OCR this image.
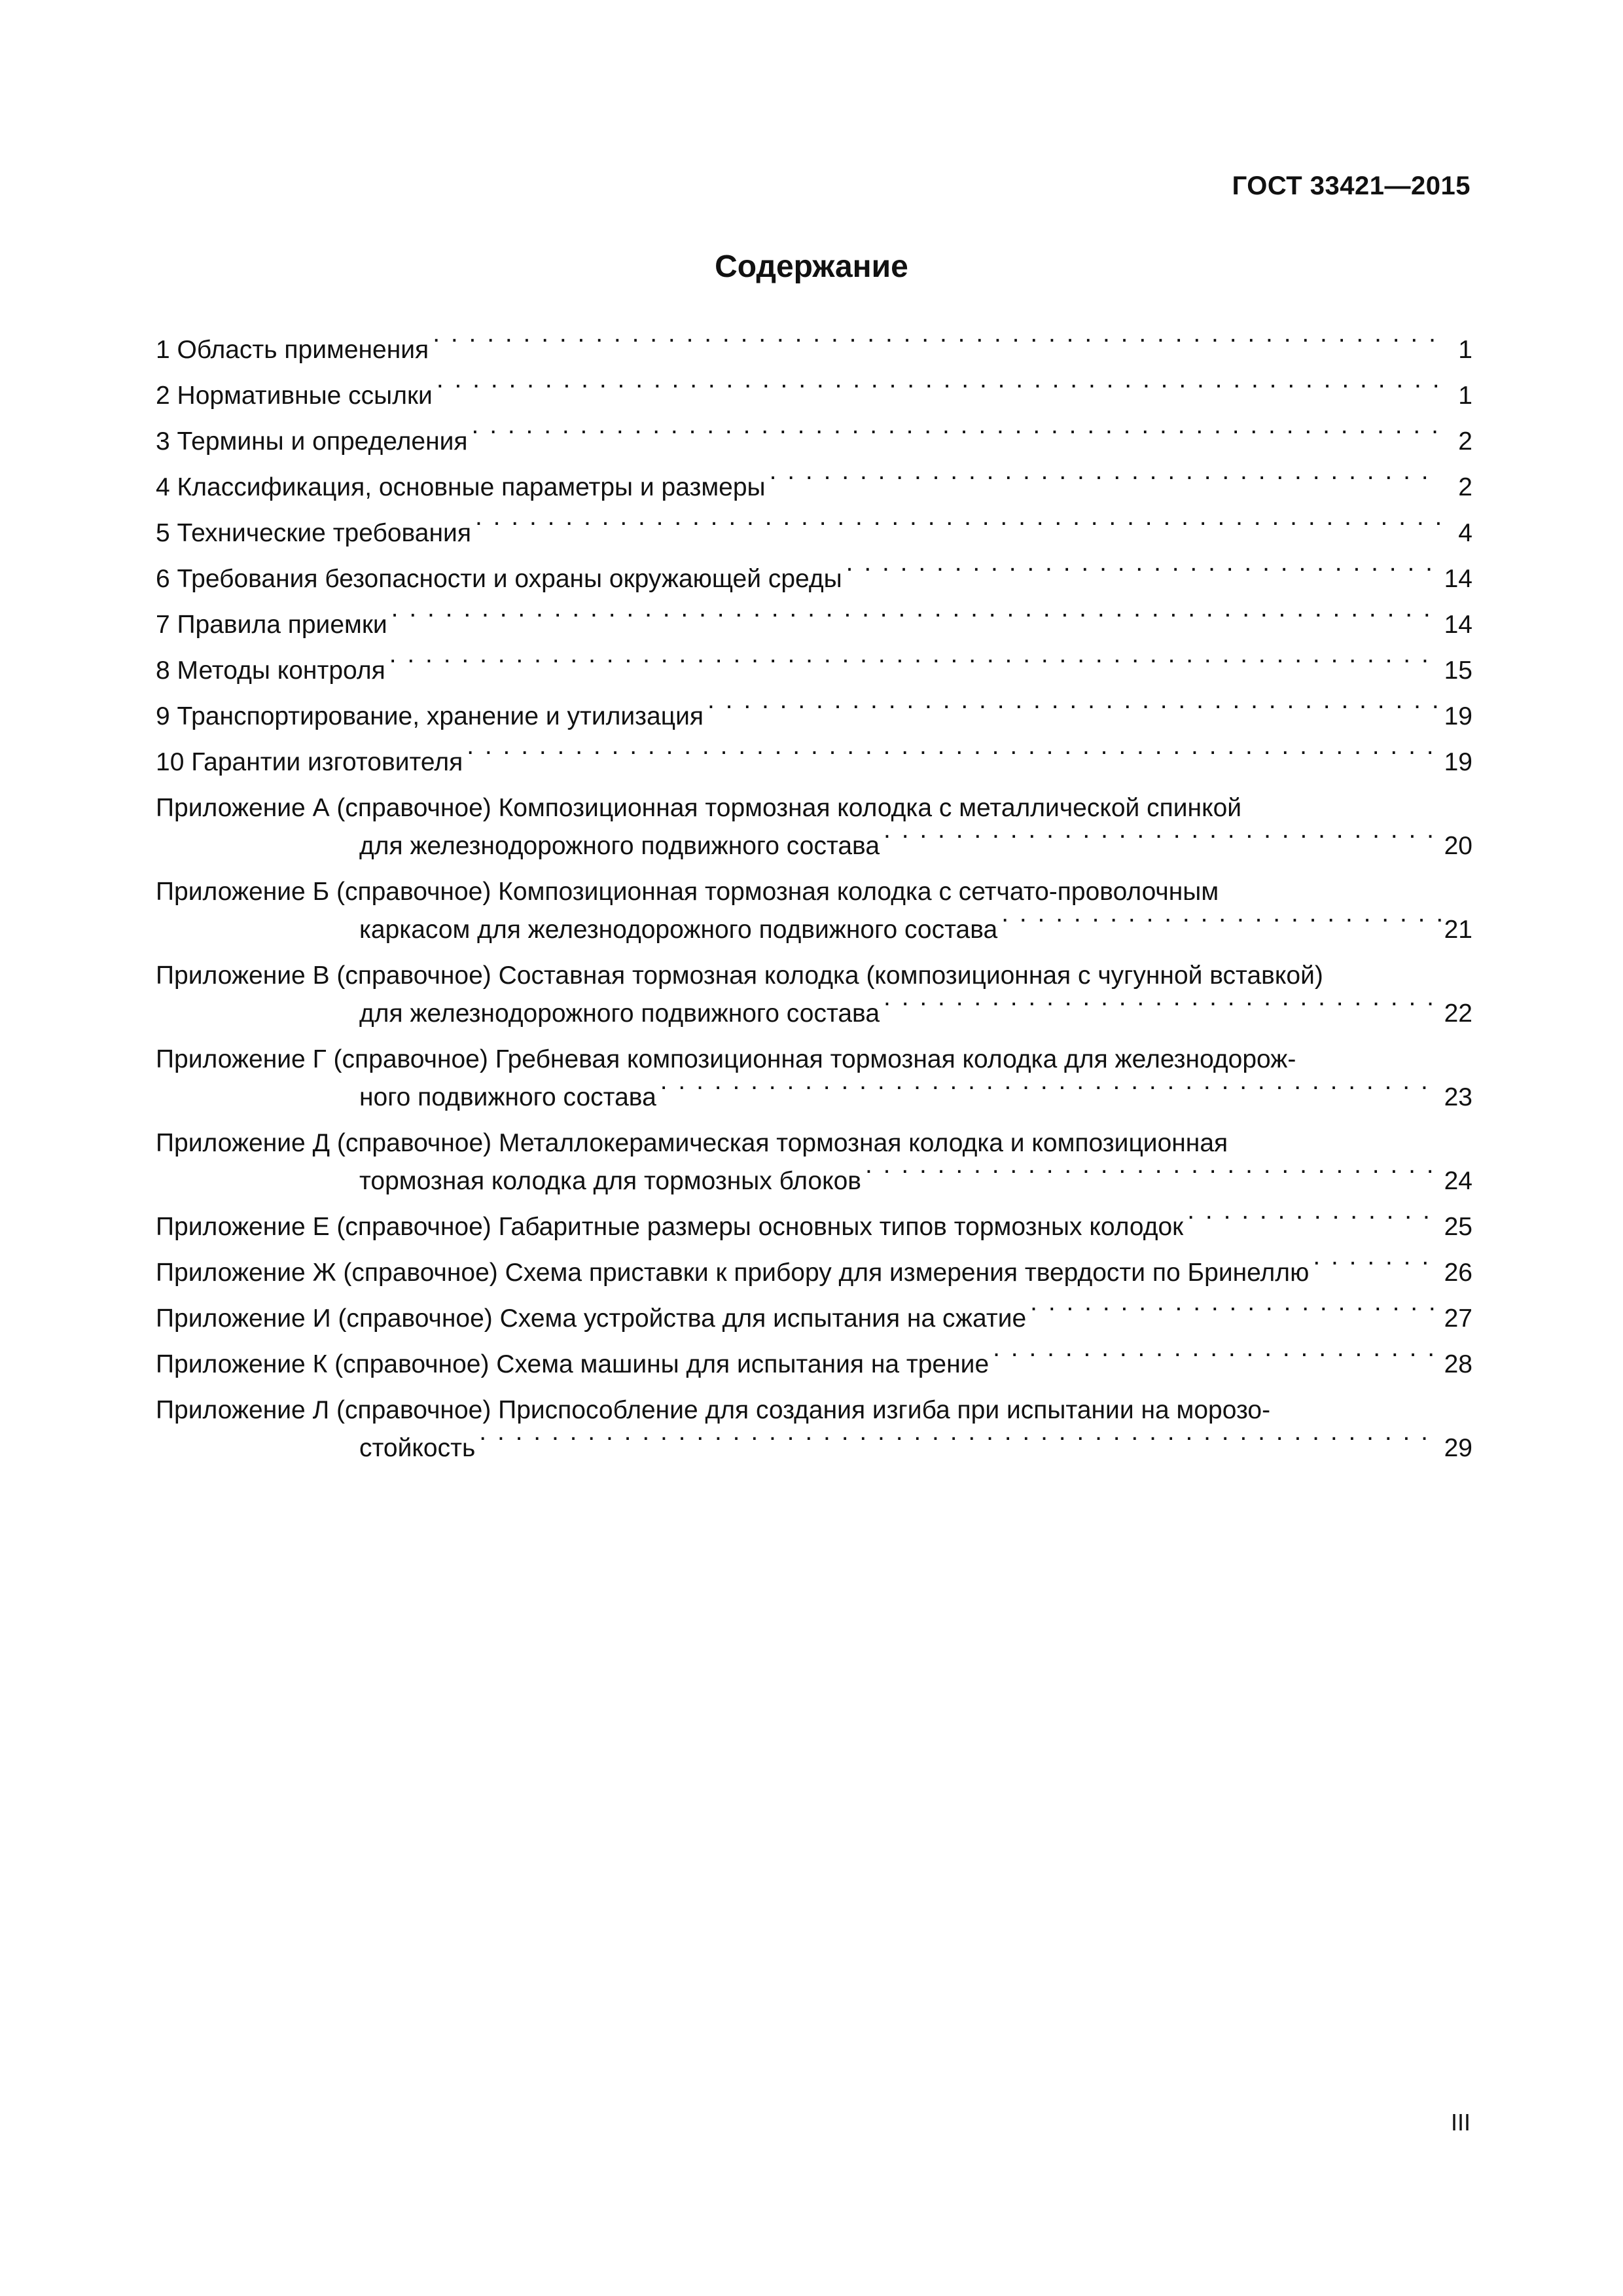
ГОСТ 33421—2015
Содержание
1 Область применения . . .	1
2 Нормативные ссылки . . .	1
3 Термины и определения . . .	2
4 Классификация, основные параметры и размеры . . .	2
5 Технические требования . . .	4
6 Требования безопасности и охраны окружающей среды . . .	14
7 Правила приемки . . .	14
8 Методы контроля . . .	15
9 Транспортирование, хранение и утилизация . . .	19
10 Гарантии изготовителя . . .	19
Приложение А (справочное) Композиционная тормозная колодка с металлической спинкой
для железнодорожного подвижного состава . . .	20
Приложение Б (справочное) Композиционная тормозная колодка с сетчато-проволочным
каркасом для железнодорожного подвижного состава . . .	21
Приложение В (справочное) Составная тормозная колодка (композиционная с чугунной вставкой)
для железнодорожного подвижного состава . . .	22
Приложение Г (справочное) Гребневая композиционная тормозная колодка для железнодорож-
ного подвижного состава . . .	23
Приложение Д (справочное) Металлокерамическая тормозная колодка и композиционная
тормозная колодка для тормозных блоков . . .	24
Приложение Е (справочное) Габаритные размеры основных типов тормозных колодок . . .	25
Приложение Ж (справочное) Схема приставки к прибору для измерения твердости по Бринеллю . . .	26
Приложение И (справочное) Схема устройства для испытания на сжатие . . .	27
Приложение К (справочное) Схема машины для испытания на трение . . .	28
Приложение Л (справочное) Приспособление для создания изгиба при испытании на морозо-
стойкость . . .	29
III
